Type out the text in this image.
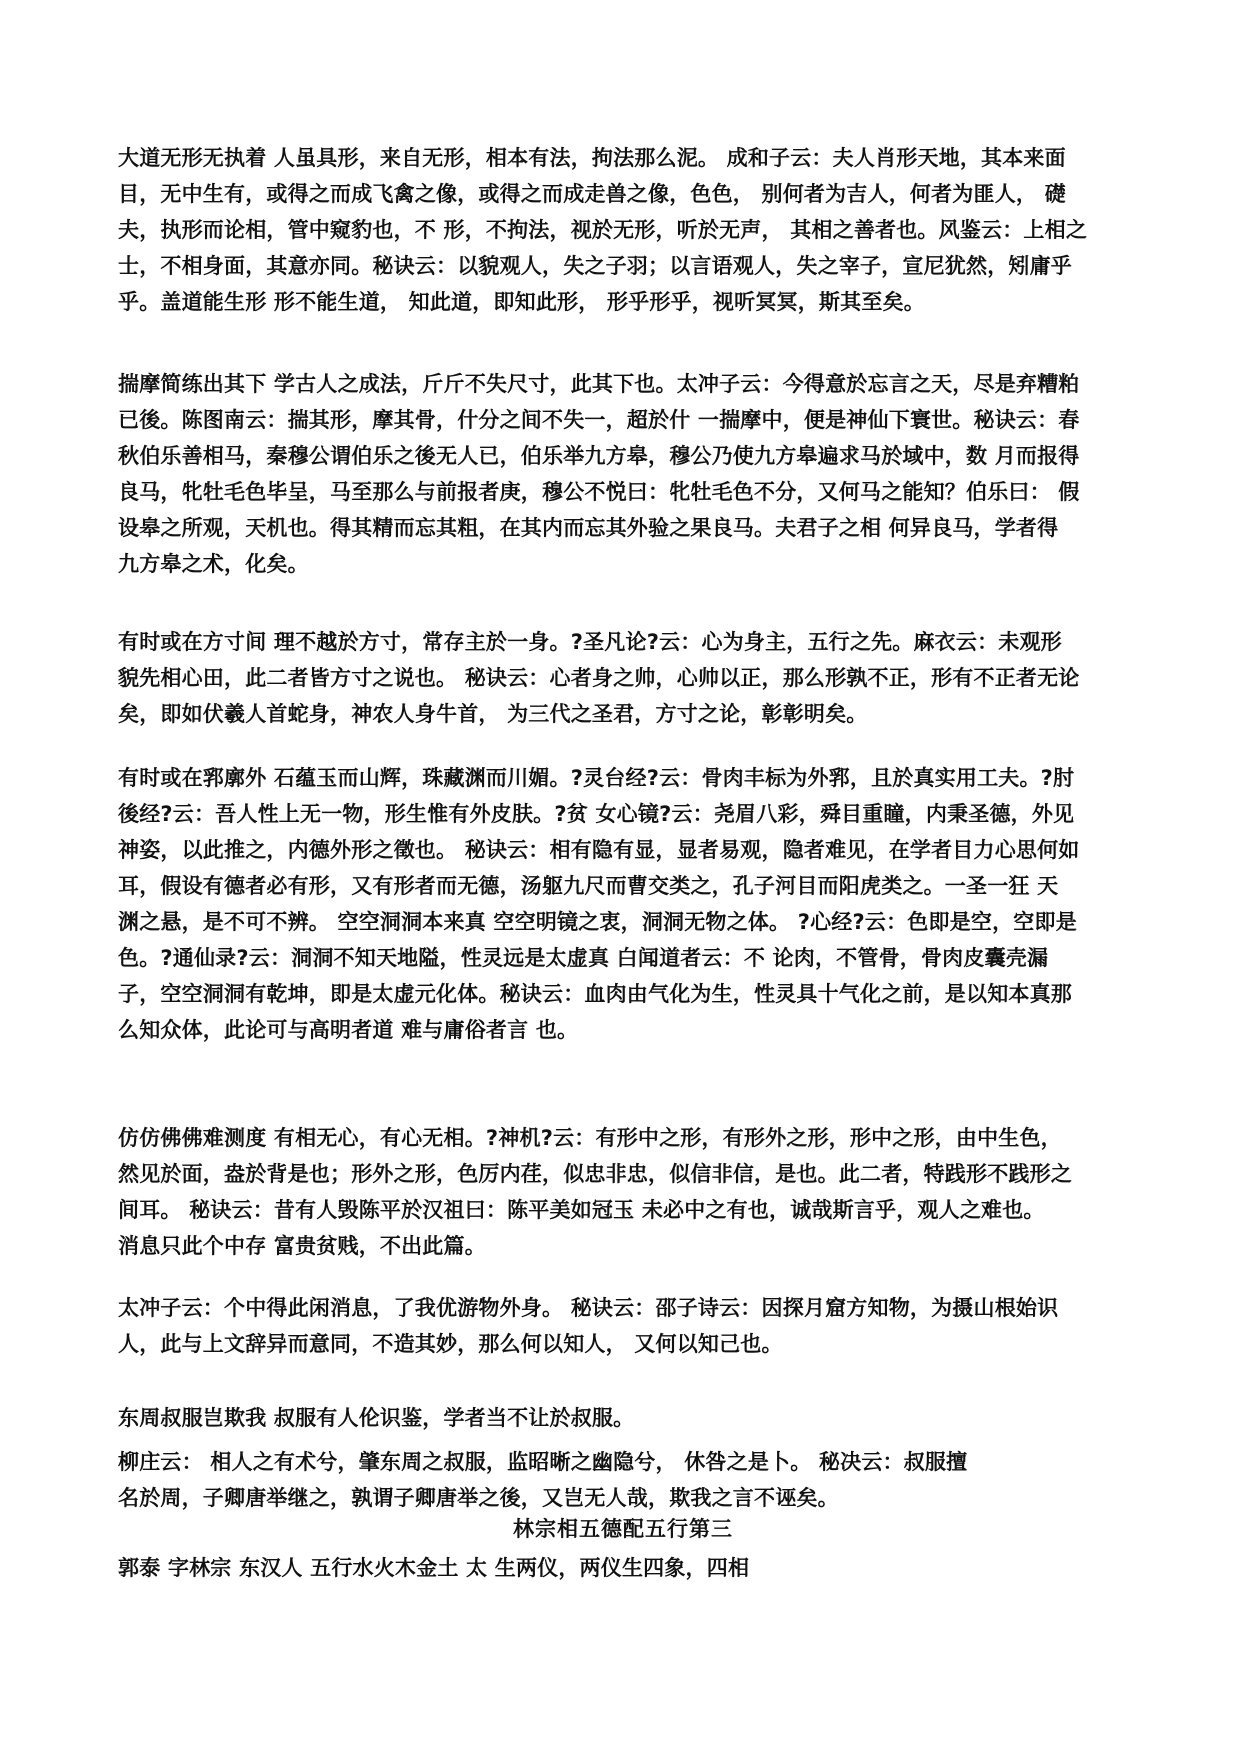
大道无形无执着 人虽具形，来自无形，相本有法，拘法那么泥。 成和子云：夫人肖形天地，其本来面
目，无中生有，或得之而成飞禽之像，或得之而成走兽之像，色色， 别何者为吉人，何者为匪人， 礎
夫，执形而论相，管中窥豹也，不 形，不拘法，视於无形，听於无声， 其相之善者也。风鉴云：上相之
士，不相身面，其意亦同。秘诀云：以貌观人，失之子羽；以言语观人，失之宰子，宣尼犹然，矧庸乎
乎。盖道能生形 形不能生道， 知此道，即知此形， 形乎形乎，视听冥冥，斯其至矣。
揣摩简练出其下 学古人之成法，斤斤不失尺寸，此其下也。太冲子云：今得意於忘言之天，尽是弃糟粕
已後。陈图南云：揣其形，摩其骨，什分之间不失一，超於什 一揣摩中，便是神仙下寰世。秘诀云：春
秋伯乐善相马，秦穆公谓伯乐之後无人已，伯乐举九方皋，穆公乃使九方皋遍求马於域中，数 月而报得
良马，牝牡毛色毕呈，马至那么与前报者庚，穆公不悦曰：牝牡毛色不分，又何马之能知？伯乐曰： 假
设皋之所观，天机也。得其精而忘其粗，在其内而忘其外验之果良马。夫君子之相 何异良马，学者得
九方皋之术，化矣。
有时或在方寸间 理不越於方寸，常存主於一身。?圣凡论?云：心为身主，五行之先。麻衣云：未观形
貌先相心田，此二者皆方寸之说也。 秘诀云：心者身之帅，心帅以正，那么形孰不正，形有不正者无论
矣，即如伏羲人首蛇身，神农人身牛首， 为三代之圣君，方寸之论，彰彰明矣。
有时或在郛廓外 石蕴玉而山辉，珠藏渊而川媚。?灵台经?云：骨肉丰标为外郛，且於真实用工夫。?肘
後经?云：吾人性上无一物，形生惟有外皮肤。?贫 女心镜?云：尧眉八彩，舜目重瞳，内秉圣德，外见
神姿，以此推之，内德外形之徵也。 秘诀云：相有隐有显，显者易观，隐者难见，在学者目力心思何如
耳，假设有德者必有形，又有形者而无德，汤躯九尺而曹交类之，孔子河目而阳虎类之。一圣一狂 天
渊之悬，是不可不辨。 空空洞洞本来真 空空明镜之衷，洞洞无物之体。 ?心经?云：色即是空，空即是
色。?通仙录?云：洞洞不知天地隘，性灵远是太虚真 白闻道者云：不 论肉，不管骨，骨肉皮囊壳漏
子，空空洞洞有乾坤，即是太虚元化体。秘诀云：血肉由气化为生，性灵具十气化之前，是以知本真那
么知众体，此论可与高明者道 难与庸俗者言 也。
仿仿佛佛难测度 有相无心，有心无相。?神机?云：有形中之形，有形外之形，形中之形，由中生色，
然见於面，盎於背是也；形外之形，色厉内荏，似忠非忠，似信非信，是也。此二者，特践形不践形之
间耳。 秘诀云：昔有人毁陈平於汉祖曰：陈平美如冠玉 未必中之有也，诚哉斯言乎，观人之难也。
消息只此个中存 富贵贫贱，不出此篇。
太冲子云：个中得此闲消息，了我优游物外身。 秘诀云：邵子诗云：因探月窟方知物，为摄山根始识
人，此与上文辞异而意同，不造其妙，那么何以知人， 又何以知己也。
东周叔服岂欺我 叔服有人伦识鉴，学者当不让於叔服。
柳庄云： 相人之有术兮，肇东周之叔服，监昭晰之幽隐兮， 休咎之是卜。 秘决云：叔服擅
名於周，子卿唐举继之，孰谓子卿唐举之後，又岂无人哉，欺我之言不诬矣。
林宗相五德配五行第三
郭泰 字林宗 东汉人 五行水火木金土 太 生两仪，两仪生四象，四相
